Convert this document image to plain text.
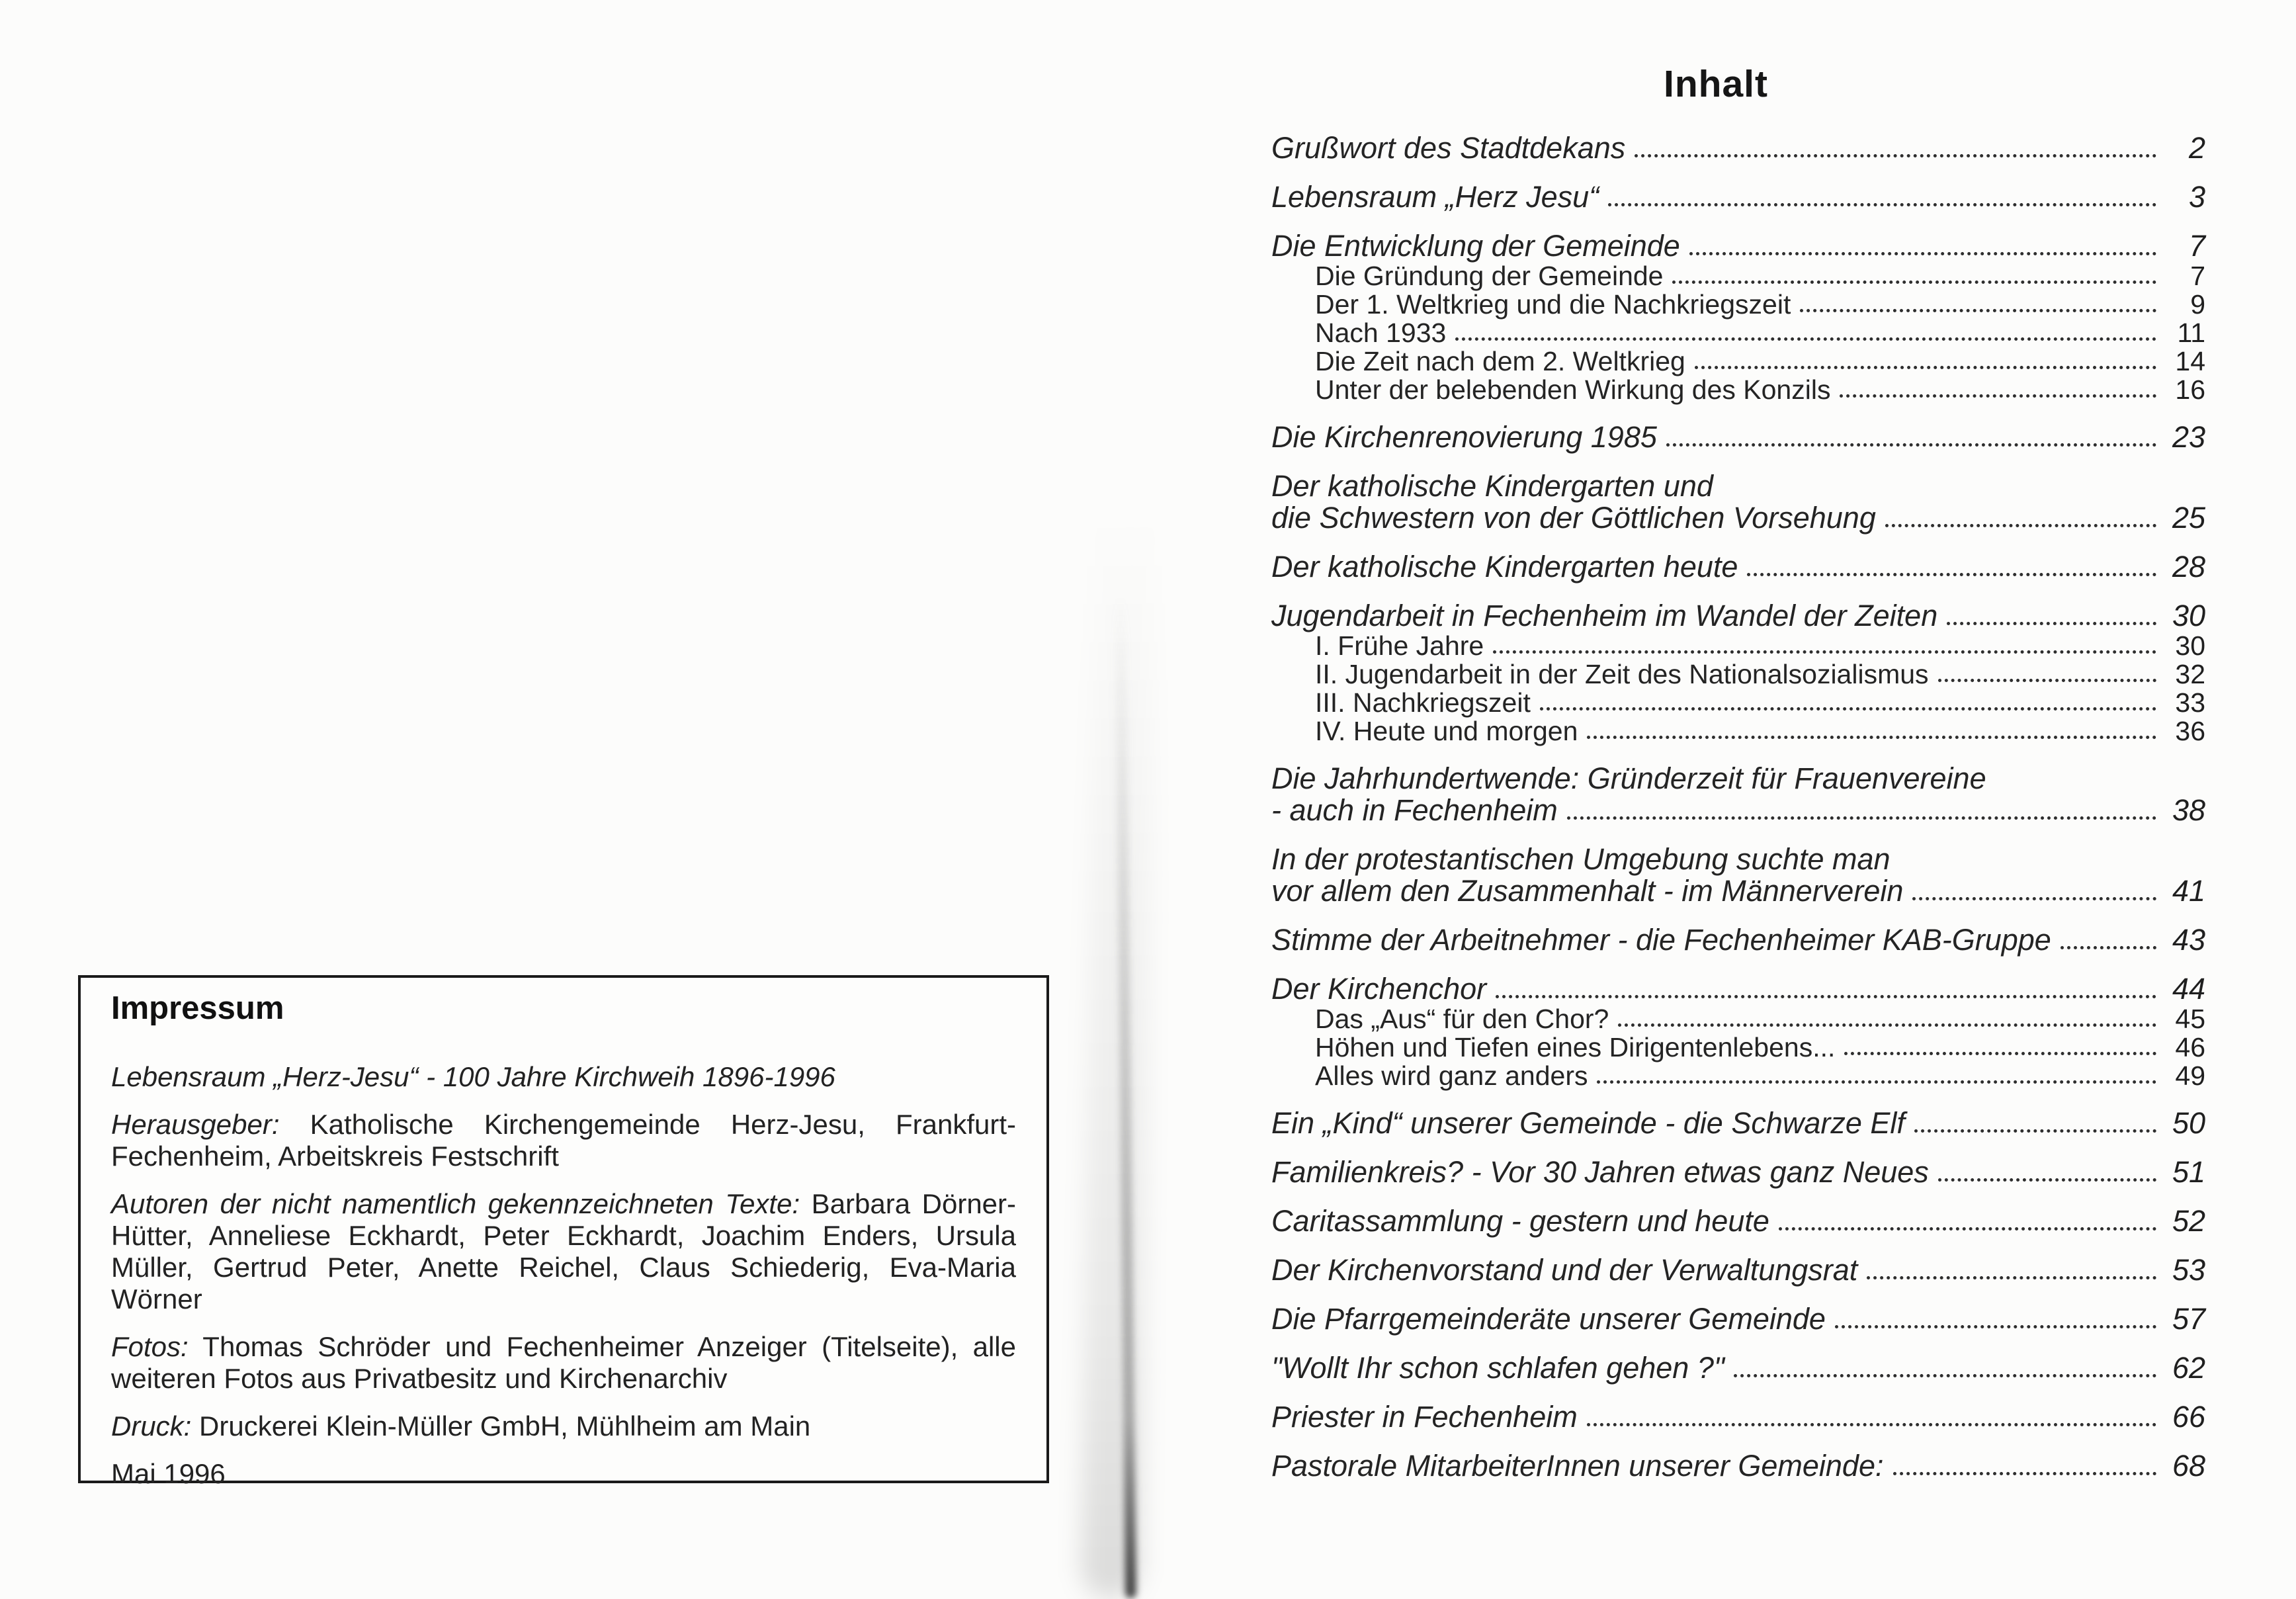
Impressum

Lebensraum „Herz-Jesu“ - 100 Jahre Kirchweih 1896-1996

Herausgeber: Katholische Kirchengemeinde Herz-Jesu, Frankfurt-Fechenheim, Arbeitskreis Festschrift

Autoren der nicht namentlich gekennzeichneten Texte: Barbara Dörner-Hütter, Anneliese Eckhardt, Peter Eckhardt, Joachim Enders, Ursula Müller, Gertrud Peter, Anette Reichel, Claus Schiederig, Eva-Maria Wörner

Fotos: Thomas Schröder und Fechenheimer Anzeiger (Titelseite), alle weiteren Fotos aus Privatbesitz und Kirchenarchiv

Druck: Druckerei Klein-Müller GmbH, Mühlheim am Main

Mai 1996

Inhalt
Grußwort des Stadtdekans	2
Lebensraum „Herz Jesu“	3
Die Entwicklung der Gemeinde	7
Die Gründung der Gemeinde	7
Der 1. Weltkrieg und die Nachkriegszeit	9
Nach 1933	11
Die Zeit nach dem 2. Weltkrieg	14
Unter der belebenden Wirkung des Konzils	16
Die Kirchenrenovierung 1985	23
Der katholische Kindergarten und
die Schwestern von der Göttlichen Vorsehung	25
Der katholische Kindergarten heute	28
Jugendarbeit in Fechenheim im Wandel der Zeiten	30
I. Frühe Jahre	30
II. Jugendarbeit in der Zeit des Nationalsozialismus	32
III. Nachkriegszeit	33
IV. Heute und morgen	36
Die Jahrhundertwende: Gründerzeit für Frauenvereine
- auch in Fechenheim	38
In der protestantischen Umgebung suchte man
vor allem den Zusammenhalt - im Männerverein	41
Stimme der Arbeitnehmer - die Fechenheimer KAB-Gruppe	43
Der Kirchenchor	44
Das „Aus“ für den Chor?	45
Höhen und Tiefen eines Dirigentenlebens...	46
Alles wird ganz anders	49
Ein „Kind“ unserer Gemeinde - die Schwarze Elf	50
Familienkreis? - Vor 30 Jahren etwas ganz Neues	51
Caritassammlung - gestern und heute	52
Der Kirchenvorstand und der Verwaltungsrat	53
Die Pfarrgemeinderäte unserer Gemeinde	57
"Wollt Ihr schon schlafen gehen ?"	62
Priester in Fechenheim	66
Pastorale MitarbeiterInnen unserer Gemeinde:	68
